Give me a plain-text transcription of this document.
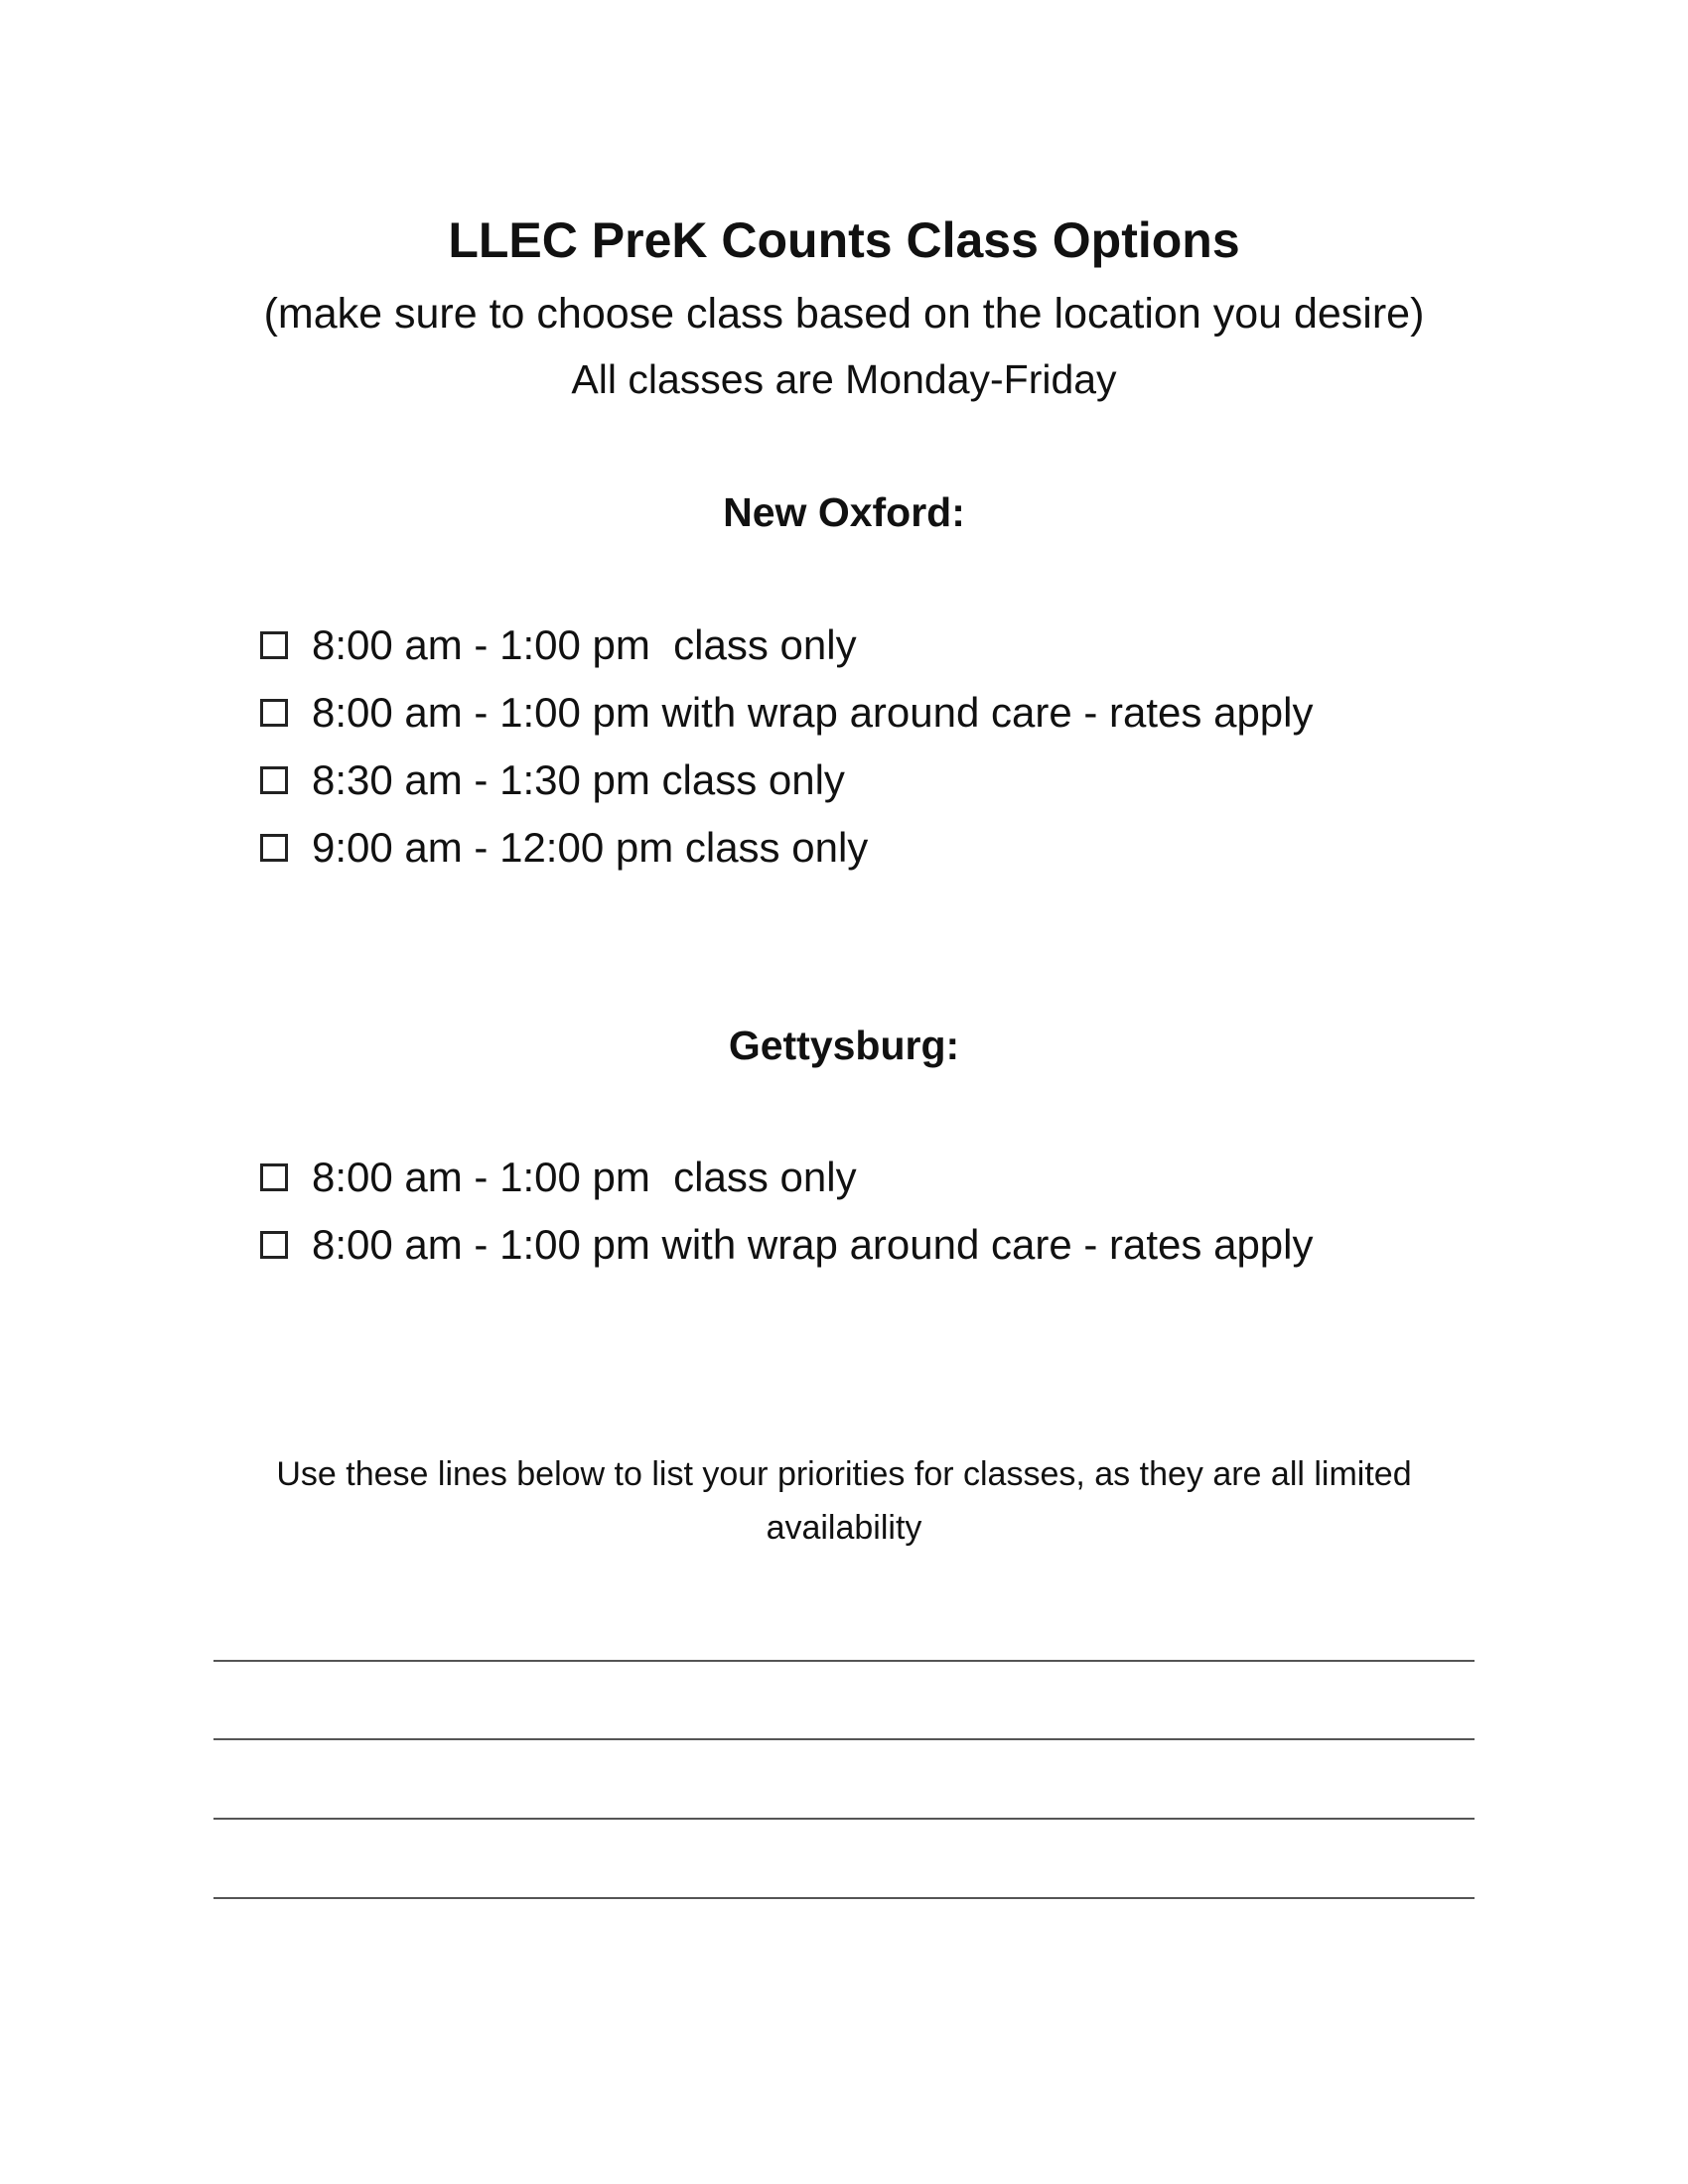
LLEC PreK Counts Class Options
(make sure to choose class based on the location you desire)
All classes are Monday-Friday
New Oxford:
8:00 am - 1:00 pm  class only
8:00 am - 1:00 pm with wrap around care - rates apply
8:30 am - 1:30 pm class only
9:00 am - 12:00 pm class only
Gettysburg:
8:00 am - 1:00 pm  class only
8:00 am - 1:00 pm with wrap around care - rates apply
Use these lines below to list your priorities for classes, as they are all limited availability
